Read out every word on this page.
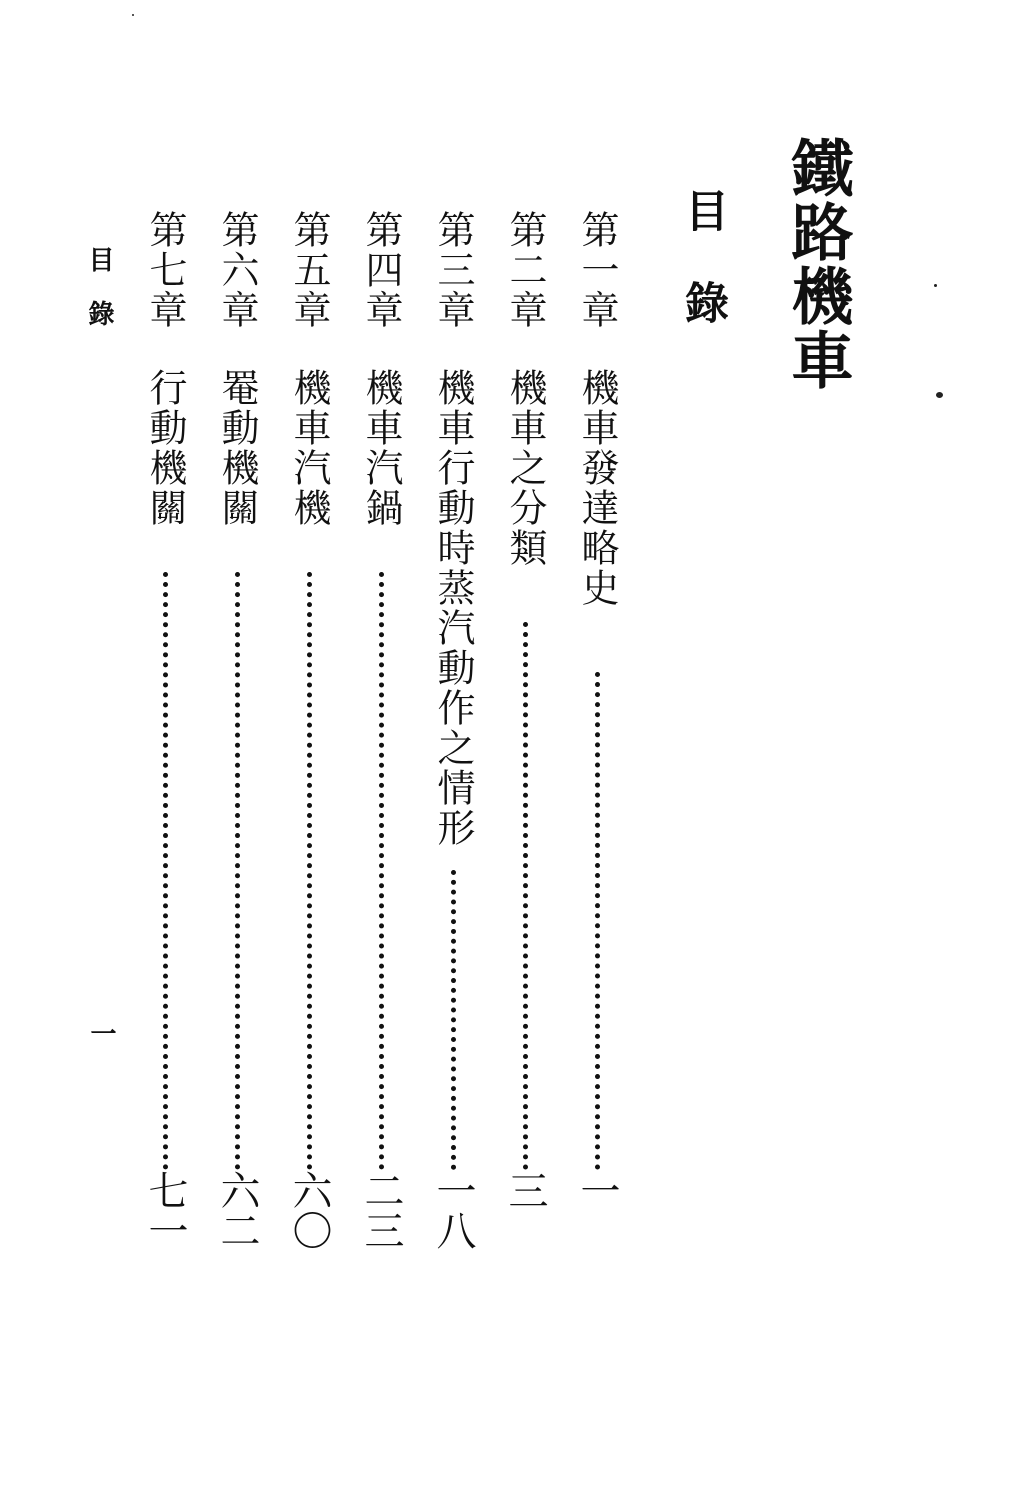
鐵路機車
目錄
第一章
機車發達略史
一
第二章
機車之分類
三
第三章
機車行動時蒸汽動作之情形
一八
第四章
機車汽鍋
二三
第五章
機車汽機
六〇
第六章
罨動機關
六二
第七章
行動機關
七一
目錄
一
